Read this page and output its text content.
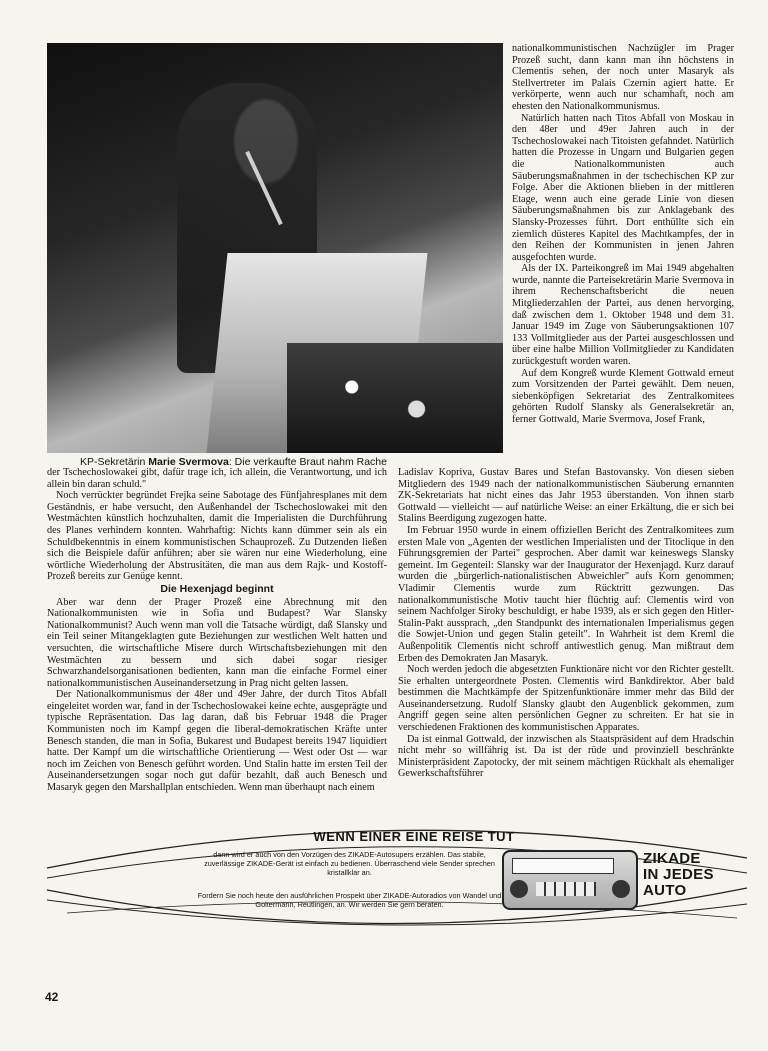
KP-Sekretärin Marie Svermova: Die verkaufte Braut nahm Rache

nationalkommunistischen Nachzügler im Prager Prozeß sucht, dann kann man ihn höchstens in Clementis sehen, der noch unter Masaryk als Stellvertreter im Palais Czernin agiert hatte. Er verkörperte, wenn auch nur schamhaft, noch am ehesten den Nationalkommunismus.

Natürlich hatten nach Titos Abfall von Moskau in den 48er und 49er Jahren auch in der Tschechoslowakei nach Titoisten gefahndet. Natürlich hatten die Prozesse in Ungarn und Bulgarien gegen die Nationalkommunisten auch Säuberungsmaßnahmen in der tschechischen KP zur Folge. Aber die Aktionen blieben in der mittleren Etage, wenn auch eine gerade Linie von diesen Säuberungsmaßnahmen bis zur Anklagebank des Slansky-Prozesses führt. Dort enthüllte sich ein ziemlich düsteres Kapitel des Machtkampfes, der in den Reihen der Kommunisten in jenen Jahren ausgefochten wurde.

Als der IX. Parteikongreß im Mai 1949 abgehalten wurde, nannte die Parteisekretärin Marie Svermova in ihrem Rechenschaftsbericht die neuen Mitgliederzahlen der Partei, aus denen hervorging, daß zwischen dem 1. Oktober 1948 und dem 31. Januar 1949 im Zuge von Säuberungsaktionen 107 133 Vollmitglieder aus der Partei ausgeschlossen und über eine halbe Million Vollmitglieder zu Kandidaten zurückgestuft worden waren.

Auf dem Kongreß wurde Klement Gottwald erneut zum Vorsitzenden der Partei gewählt. Dem neuen, siebenköpfigen Sekretariat des Zentralkomitees gehörten Rudolf Slansky als Generalsekretär an, ferner Gottwald, Marie Svermova, Josef Frank,

der Tschechoslowakei gibt, dafür trage ich, ich allein, die Verantwortung, und ich allein bin daran schuld."

Noch verrückter begründet Frejka seine Sabotage des Fünfjahresplanes mit dem Geständnis, er habe versucht, den Außenhandel der Tschechoslowakei mit den Westmächten künstlich hochzuhalten, damit die Imperialisten die Durchführung des Planes verhindern konnten. Wahrhaftig: Nichts kann dümmer sein als ein Schuldbekenntnis in einem kommunistischen Schauprozeß. Zu Dutzenden ließen sich die Beispiele dafür anführen; aber sie wären nur eine Wiederholung, eine wörtliche Wiederholung der Abstrusitäten, die man aus dem Rajk- und Kostoff-Prozeß bereits zur Genüge kennt.

Die Hexenjagd beginnt

Aber war denn der Prager Prozeß eine Abrechnung mit den Nationalkommunisten wie in Sofia und Budapest? War Slansky Nationalkommunist? Auch wenn man voll die Tatsache würdigt, daß Slansky und ein Teil seiner Mitangeklagten gute Beziehungen zur westlichen Welt hatten und versuchten, die wirtschaftliche Misere durch Wirtschaftsbeziehungen mit den Westmächten zu bessern und sich dabei sogar riesiger Schwarzhandelsorganisationen bedienten, kann man die einfache Formel einer nationalkommunistischen Auseinandersetzung in Prag nicht gelten lassen.

Der Nationalkommunismus der 48er und 49er Jahre, der durch Titos Abfall eingeleitet worden war, fand in der Tschechoslowakei keine echte, ausgeprägte und typische Repräsentation. Das lag daran, daß bis Februar 1948 die Prager Kommunisten noch im Kampf gegen die liberal-demokratischen Kräfte unter Benesch standen, die man in Sofia, Bukarest und Budapest bereits 1947 liquidiert hatte. Der Kampf um die wirtschaftliche Orientierung — West oder Ost — war noch im Zeichen von Benesch geführt worden. Und Stalin hatte im ersten Teil der Auseinandersetzungen sogar noch gut dafür bezahlt, daß auch Benesch und Masaryk gegen den Marshallplan entschieden. Wenn man überhaupt nach einem

Ladislav Kopriva, Gustav Bares und Stefan Bastovansky. Von diesen sieben Mitgliedern des 1949 nach der nationalkommunistischen Säuberung ernannten ZK-Sekretariats hat nicht eines das Jahr 1953 überstanden. Von ihnen starb Gottwald — vielleicht — auf natürliche Weise: an einer Erkältung, die er sich bei Stalins Beerdigung zugezogen hatte.

Im Februar 1950 wurde in einem offiziellen Bericht des Zentralkomitees zum ersten Male von „Agenten der westlichen Imperialisten und der Titoclique in den Führungsgremien der Partei" gesprochen. Aber damit war keineswegs Slansky gemeint. Im Gegenteil: Slansky war der Inaugurator der Hexenjagd. Kurz darauf wurden die „bürgerlich-nationalistischen Abweichler" aufs Korn genommen; Vladimir Clementis wurde zum Rücktritt gezwungen. Das nationalkommunistische Motiv taucht hier flüchtig auf: Clementis wird von seinem Nachfolger Siroky beschuldigt, er habe 1939, als er sich gegen den Hitler-Stalin-Pakt aussprach, „den Standpunkt des internationalen Imperialismus gegen die Sowjet-Union und gegen Stalin geteilt". In Wahrheit ist dem Kreml die Außenpolitik Clementis nicht schroff antiwestlich genug. Man mißtraut dem Erben des Demokraten Jan Masaryk.

Noch werden jedoch die abgesetzten Funktionäre nicht vor den Richter gestellt. Sie erhalten untergeordnete Posten. Clementis wird Bankdirektor. Aber bald bestimmen die Machtkämpfe der Spitzenfunktionäre immer mehr das Bild der Auseinandersetzung. Rudolf Slansky glaubt den Augenblick gekommen, zum Angriff gegen seine alten persönlichen Gegner zu schreiten. Er hat sie in verschiedenen Fraktionen des kommunistischen Apparates.

Da ist einmal Gottwald, der inzwischen als Staatspräsident auf dem Hradschin nicht mehr so willfährig ist. Da ist der rüde und provinziell beschränkte Ministerpräsident Zapotocky, der mit seinem mächtigen Rückhalt als ehemaliger Gewerkschaftsführer

WENN EINER EINE REISE TUT
dann wird er auch von den Vorzügen des ZIKADE-Autosupers erzählen. Das stabile, zuverlässige ZIKADE-Gerät ist einfach zu bedienen. Überraschend viele Sender sprechen kristallklar an.
Fordern Sie noch heute den ausführlichen Prospekt über ZIKADE-Autoradios von Wandel und Goltermann, Reutlingen, an. Wir werden Sie gern beraten.
ZIKADE
IN JEDES
AUTO
42
